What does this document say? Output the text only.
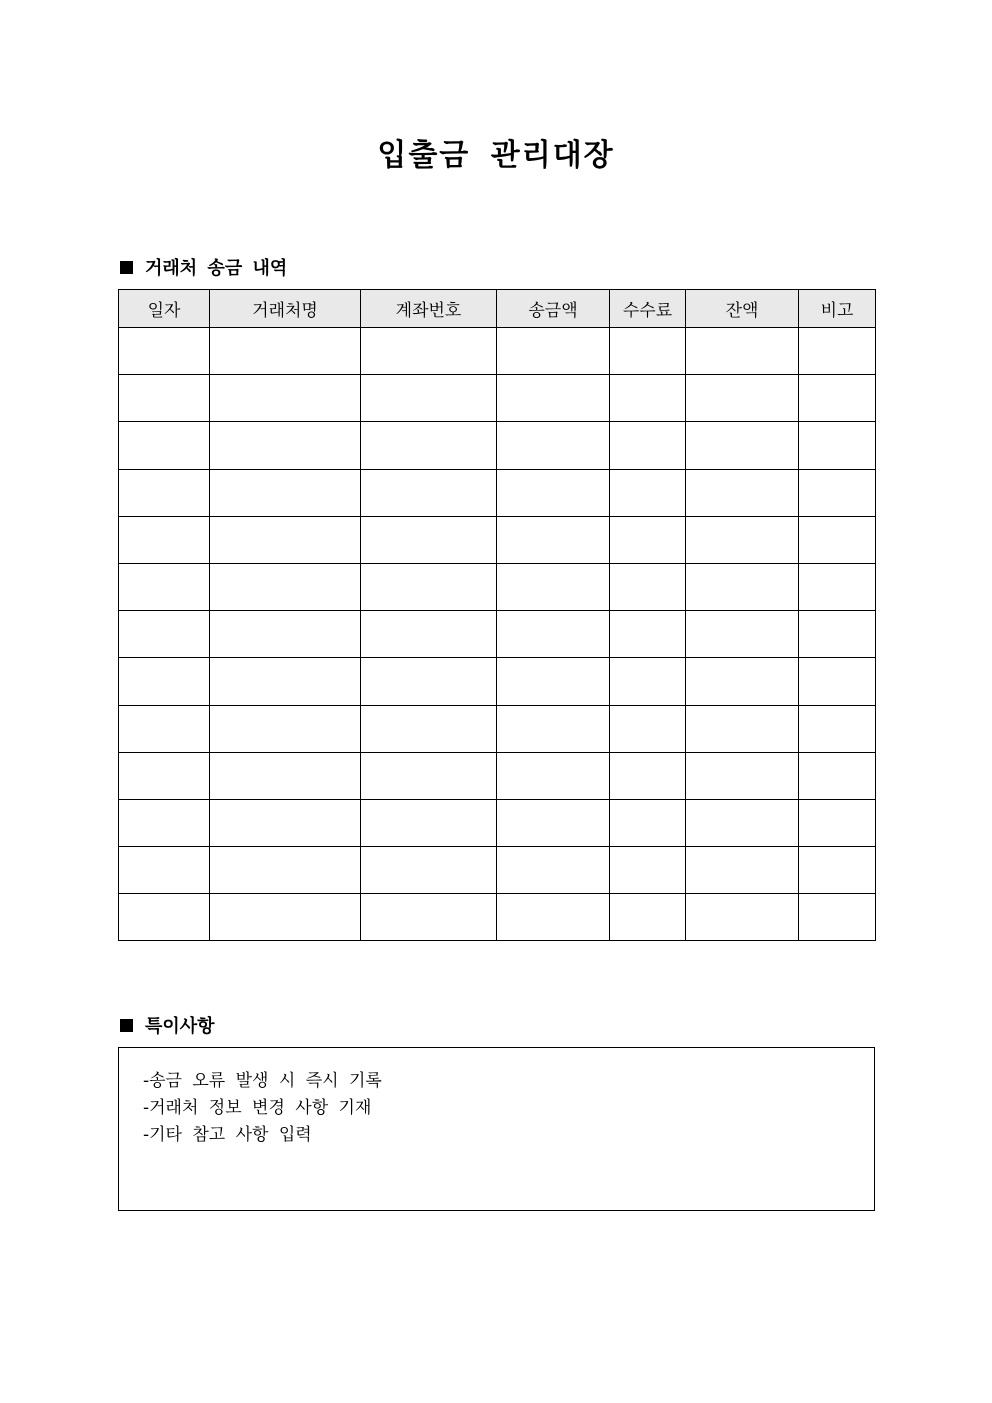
입출금 관리대장
거래처 송금 내역
일자	거래처명	계좌번호	송금액	수수료	잔액	비고

특이사항
-송금 오류 발생 시 즉시 기록
-거래처 정보 변경 사항 기재
-기타 참고 사항 입력
